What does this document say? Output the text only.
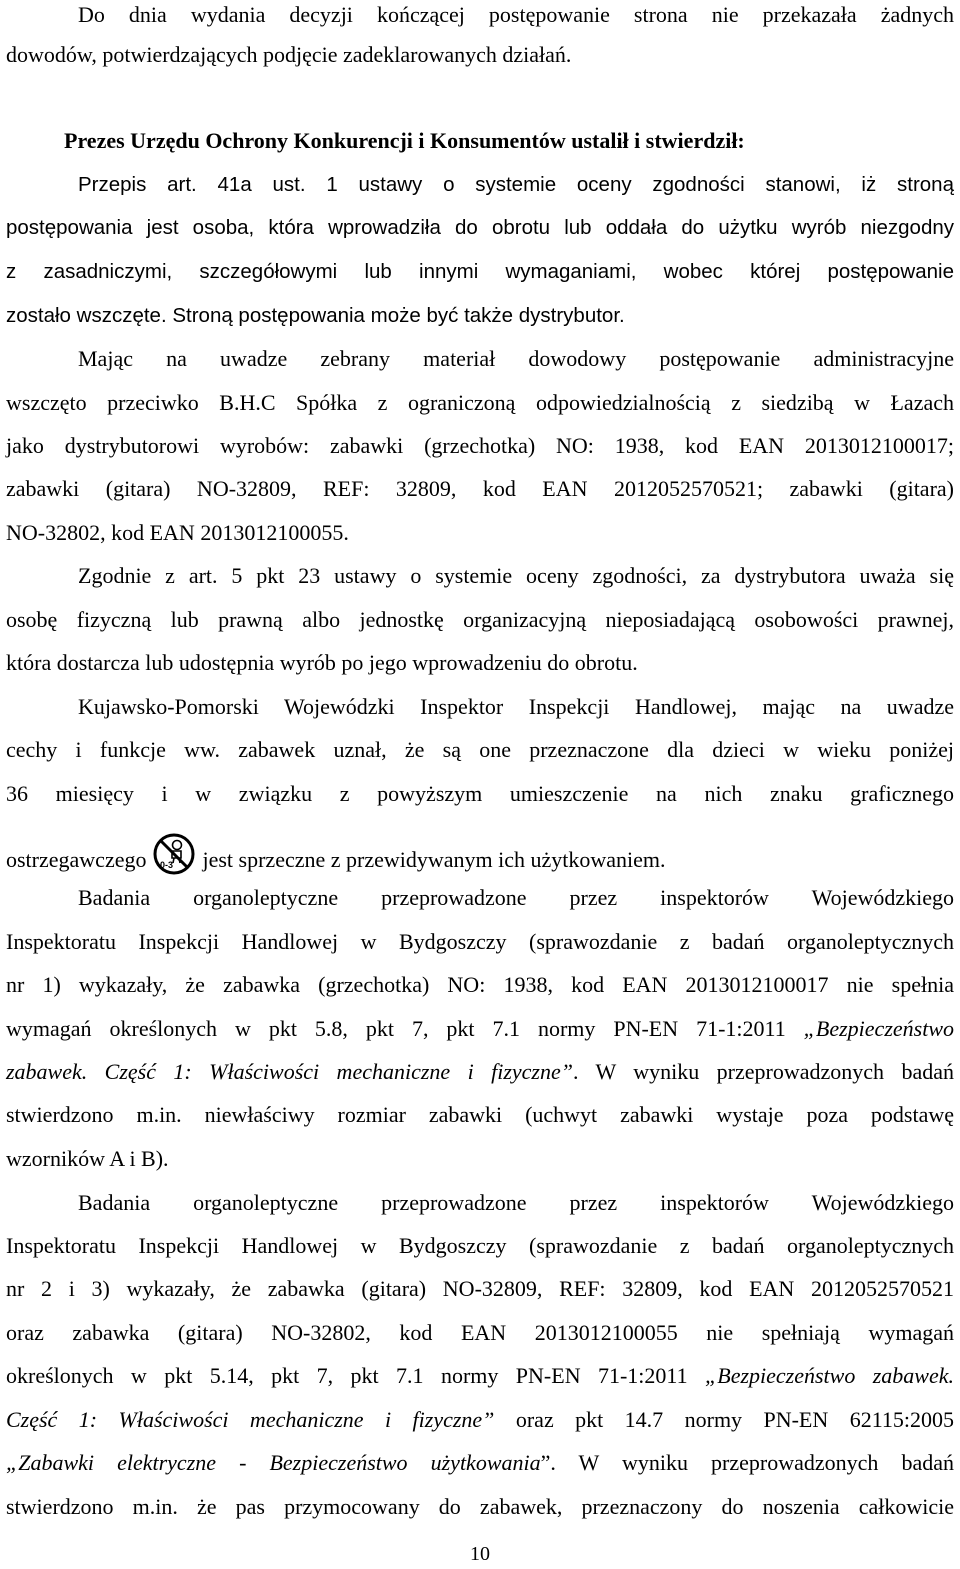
Do dnia wydania decyzji kończącej postępowanie strona nie przekazała żadnych
dowodów, potwierdzających podjęcie zadeklarowanych działań.
Prezes Urzędu Ochrony Konkurencji i Konsumentów ustalił i stwierdził:
Przepis art. 41a ust. 1 ustawy o systemie oceny zgodności stanowi, iż stroną
postępowania jest osoba, która wprowadziła do obrotu lub oddała do użytku wyrób niezgodny
z zasadniczymi, szczegółowymi lub innymi wymaganiami, wobec której postępowanie
zostało wszczęte. Stroną postępowania może być także dystrybutor.
Mając na uwadze zebrany materiał dowodowy postępowanie administracyjne
wszczęto przeciwko B.H.C Spółka z ograniczoną odpowiedzialnością z siedzibą w Łazach
jako dystrybutorowi wyrobów: zabawki (grzechotka) NO: 1938, kod EAN 2013012100017;
zabawki (gitara) NO-32809, REF: 32809, kod EAN 2012052570521; zabawki (gitara)
NO-32802, kod EAN 2013012100055.
Zgodnie z art. 5 pkt 23 ustawy o systemie oceny zgodności, za dystrybutora uważa się
osobę fizyczną lub prawną albo jednostkę organizacyjną nieposiadającą osobowości prawnej,
która dostarcza lub udostępnia wyrób po jego wprowadzeniu do obrotu.
Kujawsko-Pomorski Wojewódzki Inspektor Inspekcji Handlowej, mając na uwadze
cechy i funkcje ww. zabawek uznał, że są one przeznaczone dla dzieci w wieku poniżej
36 miesięcy i w związku z powyższym umieszczenie na nich znaku graficznego
ostrzegawczego 0-3 jest sprzeczne z przewidywanym ich użytkowaniem.
Badania organoleptyczne przeprowadzone przez inspektorów Wojewódzkiego
Inspektoratu Inspekcji Handlowej w Bydgoszczy (sprawozdanie z badań organoleptycznych
nr 1) wykazały, że zabawka (grzechotka) NO: 1938, kod EAN 2013012100017 nie spełnia
wymagań określonych w pkt 5.8, pkt 7, pkt 7.1 normy PN-EN 71-1:2011 „Bezpieczeństwo
zabawek. Część 1: Właściwości mechaniczne i fizyczne”. W wyniku przeprowadzonych badań
stwierdzono m.in. niewłaściwy rozmiar zabawki (uchwyt zabawki wystaje poza podstawę
wzorników A i B).
Badania organoleptyczne przeprowadzone przez inspektorów Wojewódzkiego
Inspektoratu Inspekcji Handlowej w Bydgoszczy (sprawozdanie z badań organoleptycznych
nr 2 i 3) wykazały, że zabawka (gitara) NO-32809, REF: 32809, kod EAN 2012052570521
oraz zabawka (gitara) NO-32802, kod EAN 2013012100055 nie spełniają wymagań
określonych w pkt 5.14, pkt 7, pkt 7.1 normy PN-EN 71-1:2011 „Bezpieczeństwo zabawek.
Część 1: Właściwości mechaniczne i fizyczne” oraz pkt 14.7 normy PN-EN 62115:2005
„Zabawki elektryczne - Bezpieczeństwo użytkowania”. W wyniku przeprowadzonych badań
stwierdzono m.in. że pas przymocowany do zabawek, przeznaczony do noszenia całkowicie
10
